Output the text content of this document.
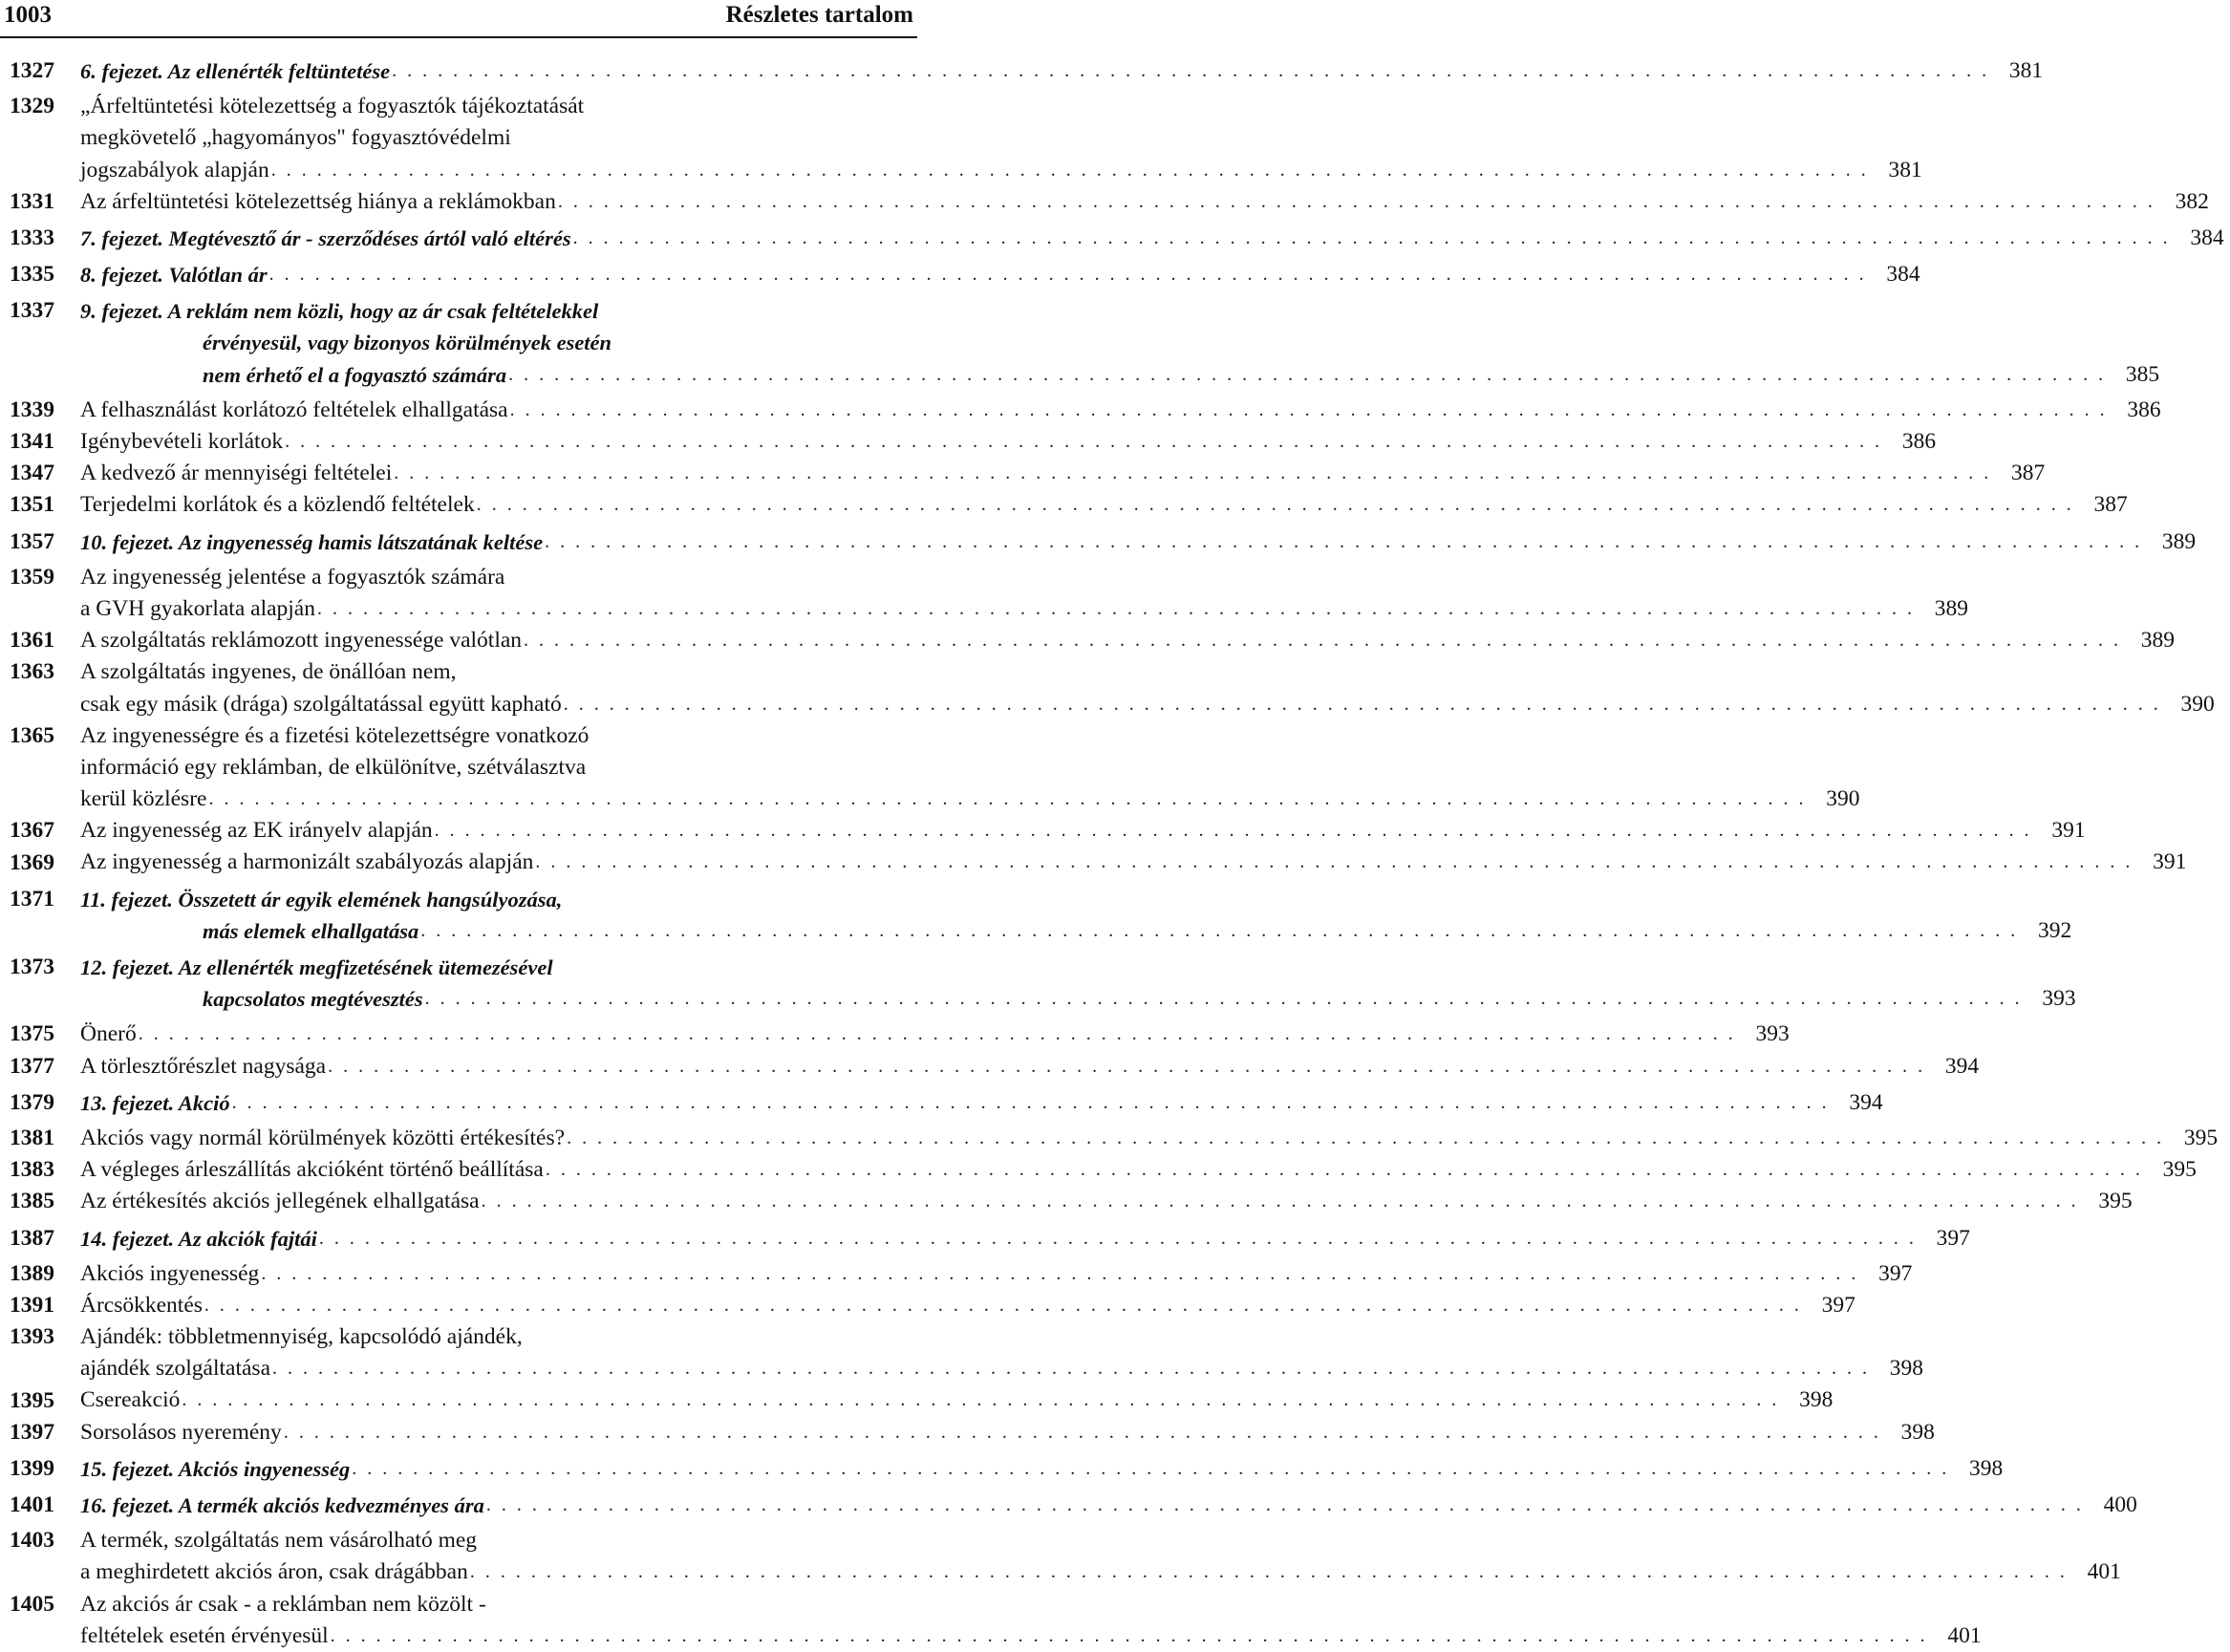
1003	Részletes tartalom
1327	6. fejezet. Az ellenérték feltüntetése . . .	381
1329	„Árfeltüntetési kötelezettség a fogyasztók tájékoztatását
megkövetelő „hagyományos" fogyasztóvédelmi
jogszabályok alapján . . .	381
1331	Az árfeltüntetési kötelezettség hiánya a reklámokban . . .	382
1333	7. fejezet. Megtévesztő ár - szerződéses ártól való eltérés . . .	384
1335	8. fejezet. Valótlan ár . . .	384
1337	9. fejezet. A reklám nem közli, hogy az ár csak feltételekkel
érvényesül, vagy bizonyos körülmények esetén
nem érhető el a fogyasztó számára . . .	385
1339	A felhasználást korlátozó feltételek elhallgatása . . .	386
1341	Igénybevételi korlátok . . .	386
1347	A kedvező ár mennyiségi feltételei . . .	387
1351	Terjedelmi korlátok és a közlendő feltételek . . .	387
1357	10. fejezet. Az ingyenesség hamis látszatának keltése . . .	389
1359	Az ingyenesség jelentése a fogyasztók számára
a GVH gyakorlata alapján . . .	389
1361	A szolgáltatás reklámozott ingyenessége valótlan . . .	389
1363	A szolgáltatás ingyenes, de önállóan nem,
csak egy másik (drága) szolgáltatással együtt kapható . . .	390
1365	Az ingyenességre és a fizetési kötelezettségre vonatkozó
információ egy reklámban, de elkülönítve, szétválasztva
kerül közlésre . . .	390
1367	Az ingyenesség az EK irányelv alapján . . .	391
1369	Az ingyenesség a harmonizált szabályozás alapján . . .	391
1371	11. fejezet. Összetett ár egyik elemének hangsúlyozása,
más elemek elhallgatása . . .	392
1373	12. fejezet. Az ellenérték megfizetésének ütemezésével
kapcsolatos megtévesztés . . .	393
1375	Önerő . . .	393
1377	A törlesztőrészlet nagysága . . .	394
1379	13. fejezet. Akció . . .	394
1381	Akciós vagy normál körülmények közötti értékesítés? . . .	395
1383	A végleges árleszállítás akcióként történő beállítása . . .	395
1385	Az értékesítés akciós jellegének elhallgatása . . .	395
1387	14. fejezet. Az akciók fajtái . . .	397
1389	Akciós ingyenesség . . .	397
1391	Árcsökkentés . . .	397
1393	Ajándék: többletmennyiség, kapcsolódó ajándék,
ajándék szolgáltatása . . .	398
1395	Csereakció . . .	398
1397	Sorsolásos nyeremény . . .	398
1399	15. fejezet. Akciós ingyenesség . . .	398
1401	16. fejezet. A termék akciós kedvezményes ára . . .	400
1403	A termék, szolgáltatás nem vásárolható meg
a meghirdetett akciós áron, csak drágábban . . .	401
1405	Az akciós ár csak - a reklámban nem közölt -
feltételek esetén érvényesül . . .	401
